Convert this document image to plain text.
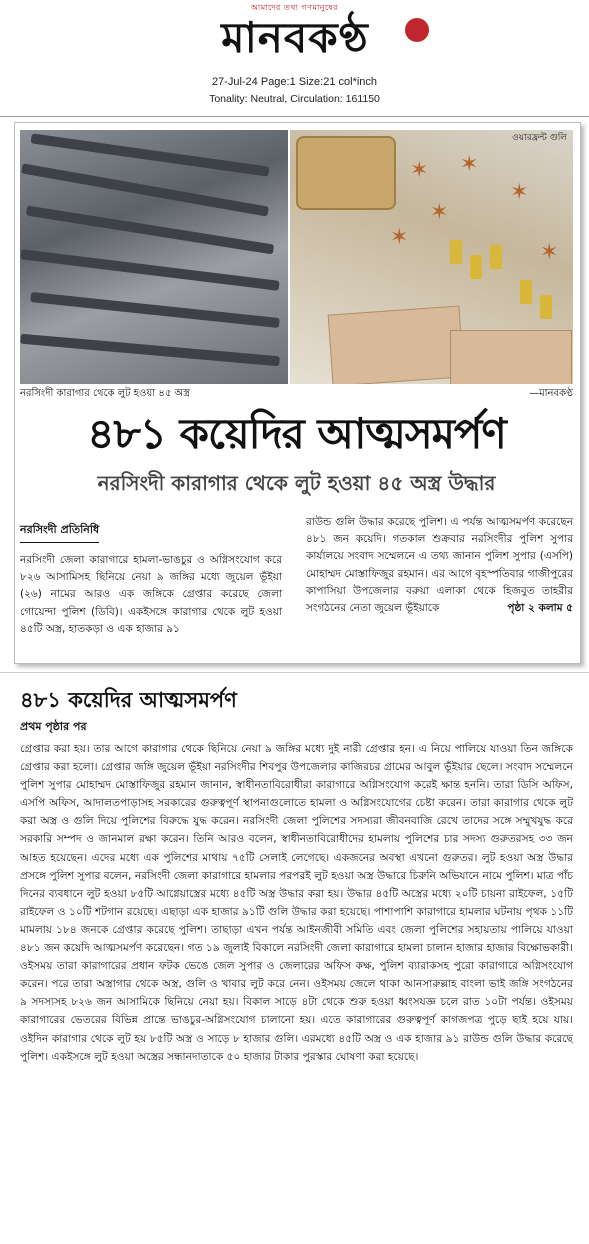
আমাদের তথ্য গণমানুষের
মানবকণ্ঠ
27-Jul-24 Page:1 Size:21 col*inch
Tonality: Neutral, Circulation: 161150
ওয়ারফ্রন্ট গুলি
✶ ✶
✶
✶
✶
✶
নরসিংদী কারাগার থেকে লুট হওয়া ৪৫ অস্ত্র	—মানবকণ্ঠ
৪৮১ কয়েদির আত্মসমর্পণ
নরসিংদী কারাগার থেকে লুট হওয়া ৪৫ অস্ত্র উদ্ধার
নরসিংদী প্রতিনিধি
নরসিংদী জেলা কারাগারে হামলা-ভাঙচুর ও অগ্নিসংযোগ করে ৮২৬ আসামিসহ ছিনিয়ে নেয়া ৯ জঙ্গির মধ্যে জুয়েল ভূঁইয়া (২৬) নামের আরও এক জঙ্গিকে গ্রেপ্তার করেছে জেলা গোয়েন্দা পুলিশ (ডিবি)। একইসঙ্গে কারাগার থেকে লুট হওয়া ৪৫টি অস্ত্র, হাতকড়া ও এক হাজার ৯১
রাউন্ড গুলি উদ্ধার করেছে পুলিশ। এ পর্যন্ত আত্মসমর্পণ করেছেন ৪৮১ জন কয়েদি। গতকাল শুক্রবার নরসিংদীর পুলিশ সুপার কার্যালয়ে সংবাদ সম্মেলনে এ তথ্য জানান পুলিশ সুপার (এসপি) মোহাম্মদ মোস্তাফিজুর রহমান। এর আগে বৃহস্পতিবার গাজীপুরের কাপাসিয়া উপজেলার বরুয়া এলাকা থেকে হিজবুত তাহরীর সংগঠনের নেতা জুয়েল ভূঁইয়াকে	পৃষ্ঠা ২ কলাম ৫
৪৮১ কয়েদির আত্মসমর্পণ
প্রথম পৃষ্ঠার পর
গ্রেপ্তার করা হয়। তার আগে কারাগার থেকে ছিনিয়ে নেয়া ৯ জঙ্গির মধ্যে দুই নারী গ্রেপ্তার হন। এ নিয়ে পালিয়ে যাওয়া তিন জঙ্গিকে গ্রেপ্তার করা হলো। গ্রেপ্তার জঙ্গি জুয়েল ভূঁইয়া নরসিংদীর শিবপুর উপজেলার কাজিরচর গ্রামের আবুল ভূঁইয়ার ছেলে। সংবাদ সম্মেলনে পুলিশ সুপার মোহাম্মদ মোস্তাফিজুর রহমান জানান, স্বাধীনতাবিরোধীরা কারাগারে অগ্নিসংযোগ করেই ক্ষান্ত হননি। তারা ডিসি অফিস, এসপি অফিস, আদালতপাড়াসহ সরকারের গুরুত্বপূর্ণ স্থাপনাগুলোতে হামলা ও অগ্নিসংযোগের চেষ্টা করেন। তারা কারাগার থেকে লুট করা অস্ত্র ও গুলি দিয়ে পুলিশের বিরুদ্ধে যুদ্ধ করেন। নরসিংদী জেলা পুলিশের সদস্যরা জীবনবাজি রেখে তাদের সঙ্গে সম্মুখযুদ্ধ করে সরকারি সম্পদ ও জানমাল রক্ষা করেন। তিনি আরও বলেন, স্বাধীনতাবিরোধীদের হামলায় পুলিশের চার সদস্য গুরুতরসহ ৩৩ জন আহত হয়েছেন। এদের মধ্যে এক পুলিশের মাথায় ৭৫টি সেলাই লেগেছে। একজনের অবস্থা এখনো গুরুতর। লুট হওয়া অস্ত্র উদ্ধার প্রসঙ্গে পুলিশ সুপার বলেন, নরসিংদী জেলা কারাগারে হামলার পরপরই লুট হওয়া অস্ত্র উদ্ধারে চিরুনি অভিযানে নামে পুলিশ। মাত্র পাঁচ দিনের ব্যবধানে লুট হওয়া ৮৫টি আগ্নেয়াস্ত্রের মধ্যে ৪৫টি অস্ত্র উদ্ধার করা হয়। উদ্ধার ৪৫টি অস্ত্রের মধ্যে ২০টি চায়না রাইফেল, ১৫টি রাইফেল ও ১০টি শটগান রয়েছে। এছাড়া এক হাজার ৯১টি গুলি উদ্ধার করা হয়েছে। পাশাপাশি কারাগারে হামলার ঘটনায় পৃথক ১১টি মামলায় ১৮৪ জনকে গ্রেপ্তার করেছে পুলিশ। তাছাড়া এখন পর্যন্ত আইনজীবী সমিতি এবং জেলা পুলিশের সহায়তায় পালিয়ে যাওয়া ৪৮১ জন কয়েদি আত্মসমর্পণ করেছেন। গত ১৯ জুলাই বিকালে নরসিংদী জেলা কারাগারে হামলা চালান হাজার হাজার বিক্ষোভকারী। ওইসময় তারা কারাগারের প্রধান ফটক ভেঙে জেল সুপার ও জেলারের অফিস কক্ষ, পুলিশ ব্যারাকসহ পুরো কারাগারে অগ্নিসংযোগ করেন। পরে তারা অস্ত্রাগার থেকে অস্ত্র, গুলি ও খাবার লুট করে নেন। ওইসময় জেলে থাকা আনসারুল্লাহ বাংলা ভাই জঙ্গি সংগঠনের ৯ সদস্যসহ ৮২৬ জন আসামিকে ছিনিয়ে নেয়া হয়। বিকাল সাড়ে ৪টা থেকে শুরু হওয়া ধ্বংসযজ্ঞ চলে রাত ১০টা পর্যন্ত। ওইসময় কারাগারের ভেতরের বিভিন্ন প্রান্তে ভাঙচুর-অগ্নিসংযোগ চালানো হয়। এতে কারাগারের গুরুত্বপূর্ণ কাগজপত্র পুড়ে ছাই হয়ে যায়। ওইদিন কারাগার থেকে লুট হয় ৮৫টি অস্ত্র ও সাড়ে ৮ হাজার গুলি। এরমধ্যে ৪৫টি অস্ত্র ও এক হাজার ৯১ রাউন্ড গুলি উদ্ধার করেছে পুলিশ। একইসঙ্গে লুট হওয়া অস্ত্রের সন্ধানদাতাকে ৫০ হাজার টাকার পুরস্কার ঘোষণা করা হয়েছে।
